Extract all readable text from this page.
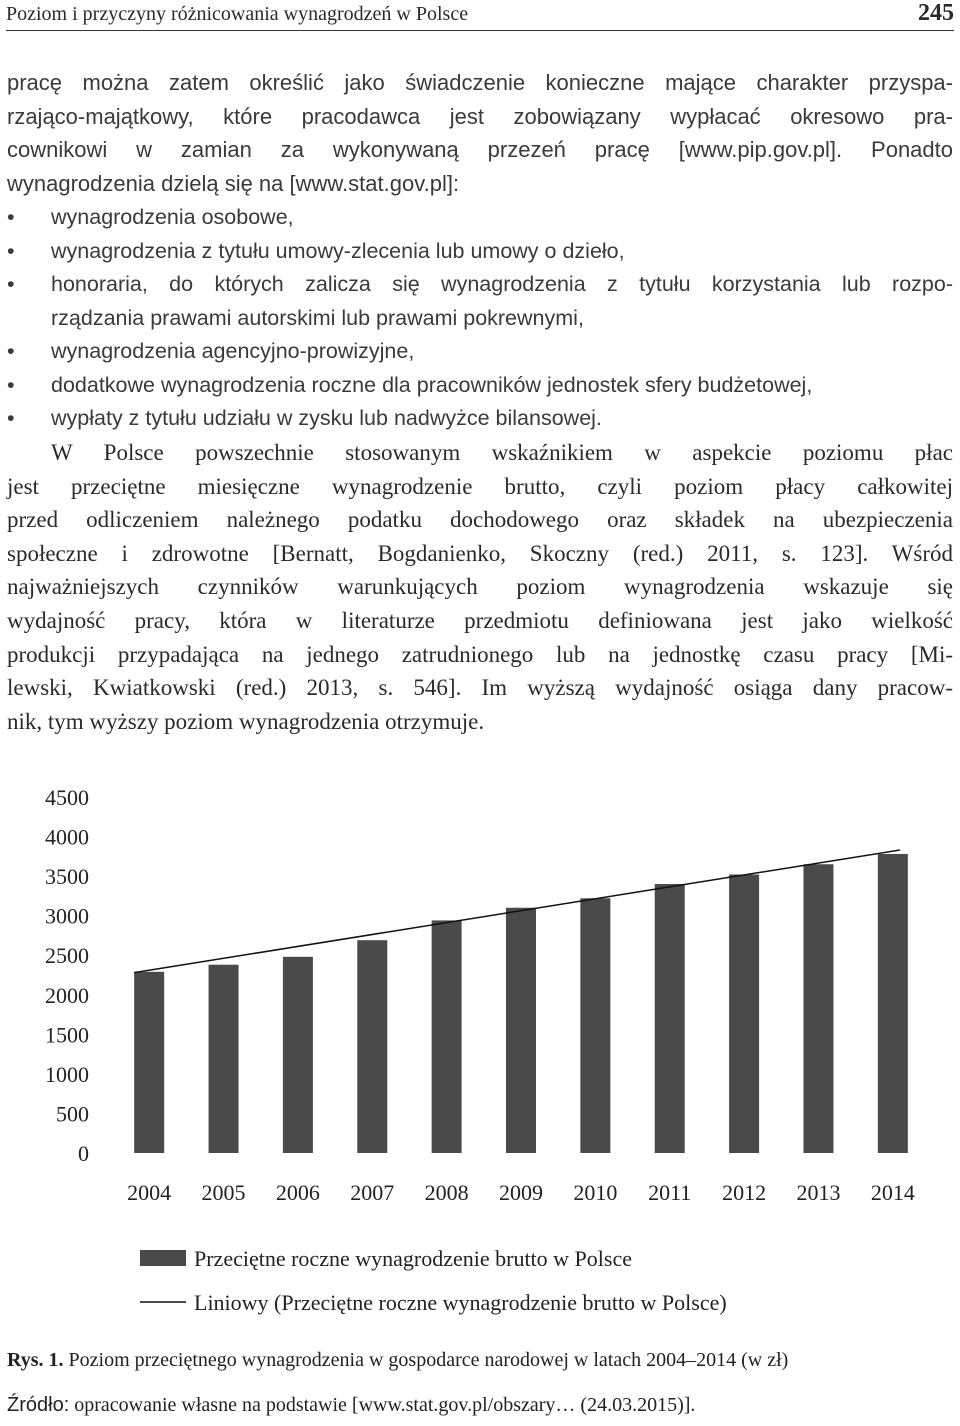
Poziom i przyczyny różnicowania wynagrodzeń w Polsce	245
pracę można zatem określić jako świadczenie konieczne mające charakter przyspa-
rzająco-majątkowy, które pracodawca jest zobowiązany wypłacać okresowo pra-
cownikowi w zamian za wykonywaną przezeń pracę [www.pip.gov.pl]. Ponadto
wynagrodzenia dzielą się na [www.stat.gov.pl]:
• wynagrodzenia osobowe,
• wynagrodzenia z tytułu umowy-zlecenia lub umowy o dzieło,
• honoraria, do których zalicza się wynagrodzenia z tytułu korzystania lub rozpo-
rządzania prawami autorskimi lub prawami pokrewnymi,
• wynagrodzenia agencyjno-prowizyjne,
• dodatkowe wynagrodzenia roczne dla pracowników jednostek sfery budżetowej,
• wypłaty z tytułu udziału w zysku lub nadwyżce bilansowej.
W Polsce powszechnie stosowanym wskaźnikiem w aspekcie poziomu płac
jest przeciętne miesięczne wynagrodzenie brutto, czyli poziom płacy całkowitej
przed odliczeniem należnego podatku dochodowego oraz składek na ubezpieczenia
społeczne i zdrowotne [Bernatt, Bogdanienko, Skoczny (red.) 2011, s. 123]. Wśród
najważniejszych czynników warunkujących poziom wynagrodzenia wskazuje się
wydajność pracy, która w literaturze przedmiotu definiowana jest jako wielkość
produkcji przypadająca na jednego zatrudnionego lub na jednostkę czasu pracy [Mi-
lewski, Kwiatkowski (red.) 2013, s. 546]. Im wyższą wydajność osiąga dany pracow-
nik, tym wyższy poziom wynagrodzenia otrzymuje.
0
500
1000
1500
2000
2500
3000
3500
4000
4500
2004 2005 2006 2007 2008 2009 2010 2011 2012 2013 2014
Przeciętne roczne wynagrodzenie brutto w Polsce
Liniowy (Przeciętne roczne wynagrodzenie brutto w Polsce)
Rys. 1. Poziom przeciętnego wynagrodzenia w gospodarce narodowej w latach 2004–2014 (w zł)
Źródło: opracowanie własne na podstawie [www.stat.gov.pl/obszary… (24.03.2015)].
